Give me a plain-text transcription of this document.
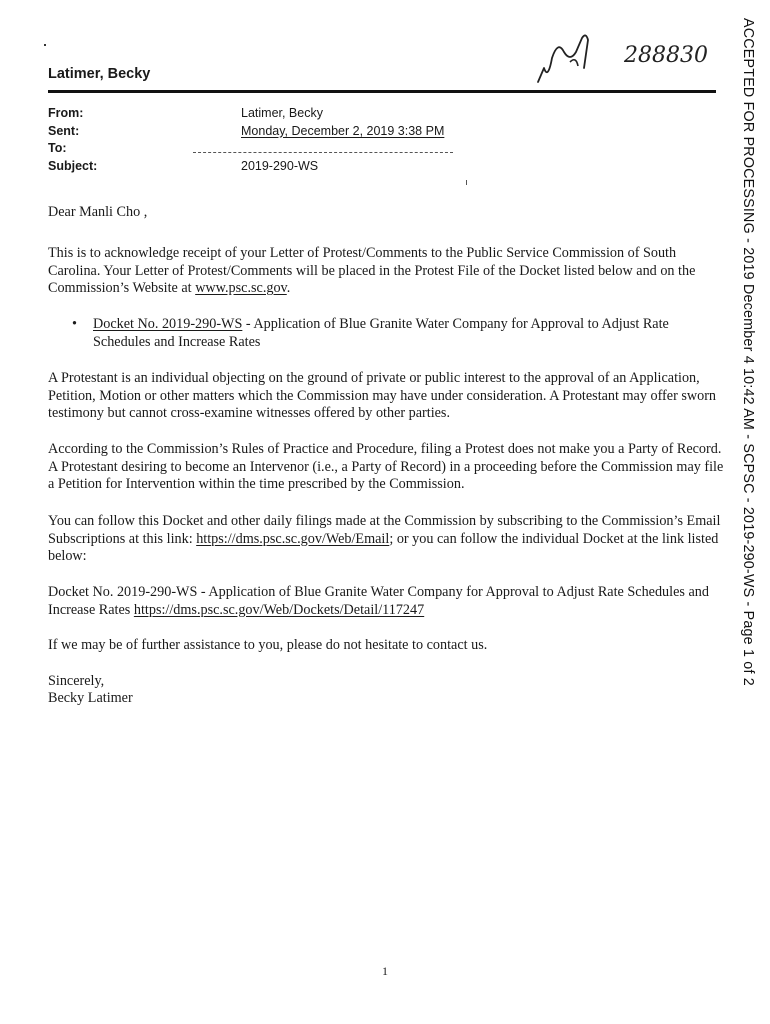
288830
Latimer, Becky
From:	Latimer, Becky
Sent:	Monday, December 2, 2019 3:38 PM
To:
Subject:	2019-290-WS
Dear Manli Cho ,
This is to acknowledge receipt of your Letter of Protest/Comments to the Public Service Commission of South Carolina. Your Letter of Protest/Comments will be placed in the Protest File of the Docket listed below and on the Commission’s Website at www.psc.sc.gov.
• Docket No. 2019-290-WS - Application of Blue Granite Water Company for Approval to Adjust Rate Schedules and Increase Rates
A Protestant is an individual objecting on the ground of private or public interest to the approval of an Application, Petition, Motion or other matters which the Commission may have under consideration. A Protestant may offer sworn testimony but cannot cross-examine witnesses offered by other parties.
According to the Commission’s Rules of Practice and Procedure, filing a Protest does not make you a Party of Record. A Protestant desiring to become an Intervenor (i.e., a Party of Record) in a proceeding before the Commission may file a Petition for Intervention within the time prescribed by the Commission.
You can follow this Docket and other daily filings made at the Commission by subscribing to the Commission’s Email Subscriptions at this link: https://dms.psc.sc.gov/Web/Email; or you can follow the individual Docket at the link listed below:
Docket No. 2019-290-WS - Application of Blue Granite Water Company for Approval to Adjust Rate Schedules and Increase Rates https://dms.psc.sc.gov/Web/Dockets/Detail/117247
If we may be of further assistance to you, please do not hesitate to contact us.
Sincerely,
Becky Latimer
ACCEPTED FOR PROCESSING - 2019 December 4 10:42 AM - SCPSC - 2019-290-WS - Page 1 of 2
1
